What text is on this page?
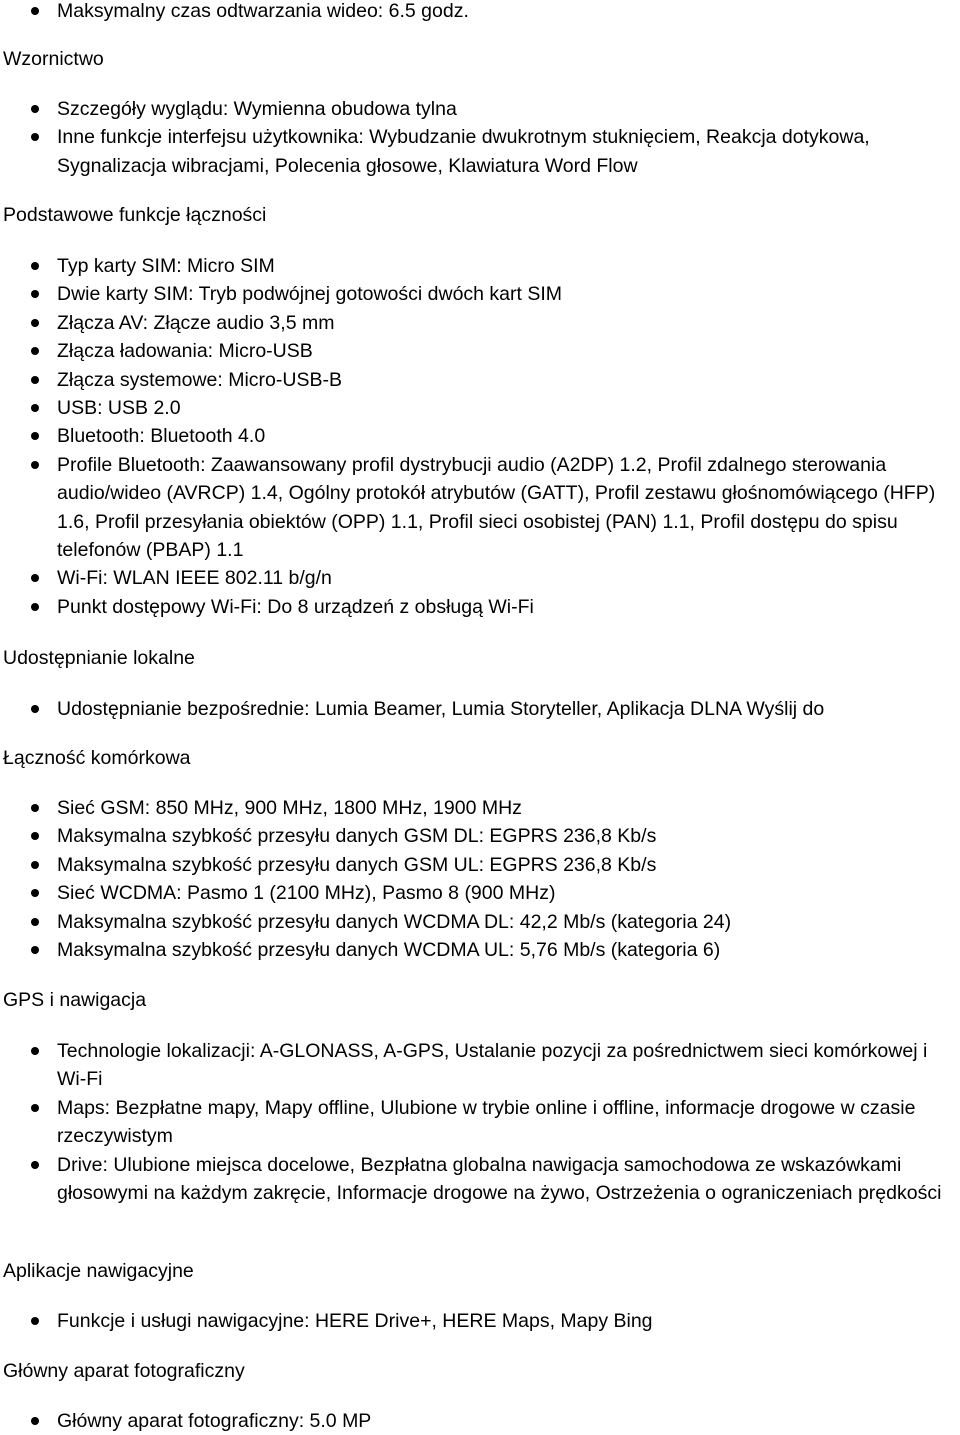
Maksymalny czas odtwarzania wideo: 6.5 godz.
Wzornictwo
Szczegóły wyglądu: Wymienna obudowa tylna
Inne funkcje interfejsu użytkownika: Wybudzanie dwukrotnym stuknięciem, Reakcja dotykowa, Sygnalizacja wibracjami, Polecenia głosowe, Klawiatura Word Flow
Podstawowe funkcje łączności
Typ karty SIM: Micro SIM
Dwie karty SIM: Tryb podwójnej gotowości dwóch kart SIM
Złącza AV: Złącze audio 3,5 mm
Złącza ładowania: Micro-USB
Złącza systemowe: Micro-USB-B
USB: USB 2.0
Bluetooth: Bluetooth 4.0
Profile Bluetooth: Zaawansowany profil dystrybucji audio (A2DP) 1.2, Profil zdalnego sterowania audio/wideo (AVRCP) 1.4, Ogólny protokół atrybutów (GATT), Profil zestawu głośnomówiącego (HFP) 1.6, Profil przesyłania obiektów (OPP) 1.1, Profil sieci osobistej (PAN) 1.1, Profil dostępu do spisu telefonów (PBAP) 1.1
Wi-Fi: WLAN IEEE 802.11 b/g/n
Punkt dostępowy Wi-Fi: Do 8 urządzeń z obsługą Wi-Fi
Udostępnianie lokalne
Udostępnianie bezpośrednie: Lumia Beamer, Lumia Storyteller, Aplikacja DLNA Wyślij do
Łączność komórkowa
Sieć GSM: 850 MHz, 900 MHz, 1800 MHz, 1900 MHz
Maksymalna szybkość przesyłu danych GSM DL: EGPRS 236,8 Kb/s
Maksymalna szybkość przesyłu danych GSM UL: EGPRS 236,8 Kb/s
Sieć WCDMA: Pasmo 1 (2100 MHz), Pasmo 8 (900 MHz)
Maksymalna szybkość przesyłu danych WCDMA DL: 42,2 Mb/s (kategoria 24)
Maksymalna szybkość przesyłu danych WCDMA UL: 5,76 Mb/s (kategoria 6)
GPS i nawigacja
Technologie lokalizacji: A-GLONASS, A-GPS, Ustalanie pozycji za pośrednictwem sieci komórkowej i Wi-Fi
Maps: Bezpłatne mapy, Mapy offline, Ulubione w trybie online i offline, informacje drogowe w czasie rzeczywistym
Drive: Ulubione miejsca docelowe, Bezpłatna globalna nawigacja samochodowa ze wskazówkami głosowymi na każdym zakręcie, Informacje drogowe na żywo, Ostrzeżenia o ograniczeniach prędkości
Aplikacje nawigacyjne
Funkcje i usługi nawigacyjne: HERE Drive+, HERE Maps, Mapy Bing
Główny aparat fotograficzny
Główny aparat fotograficzny: 5.0 MP
